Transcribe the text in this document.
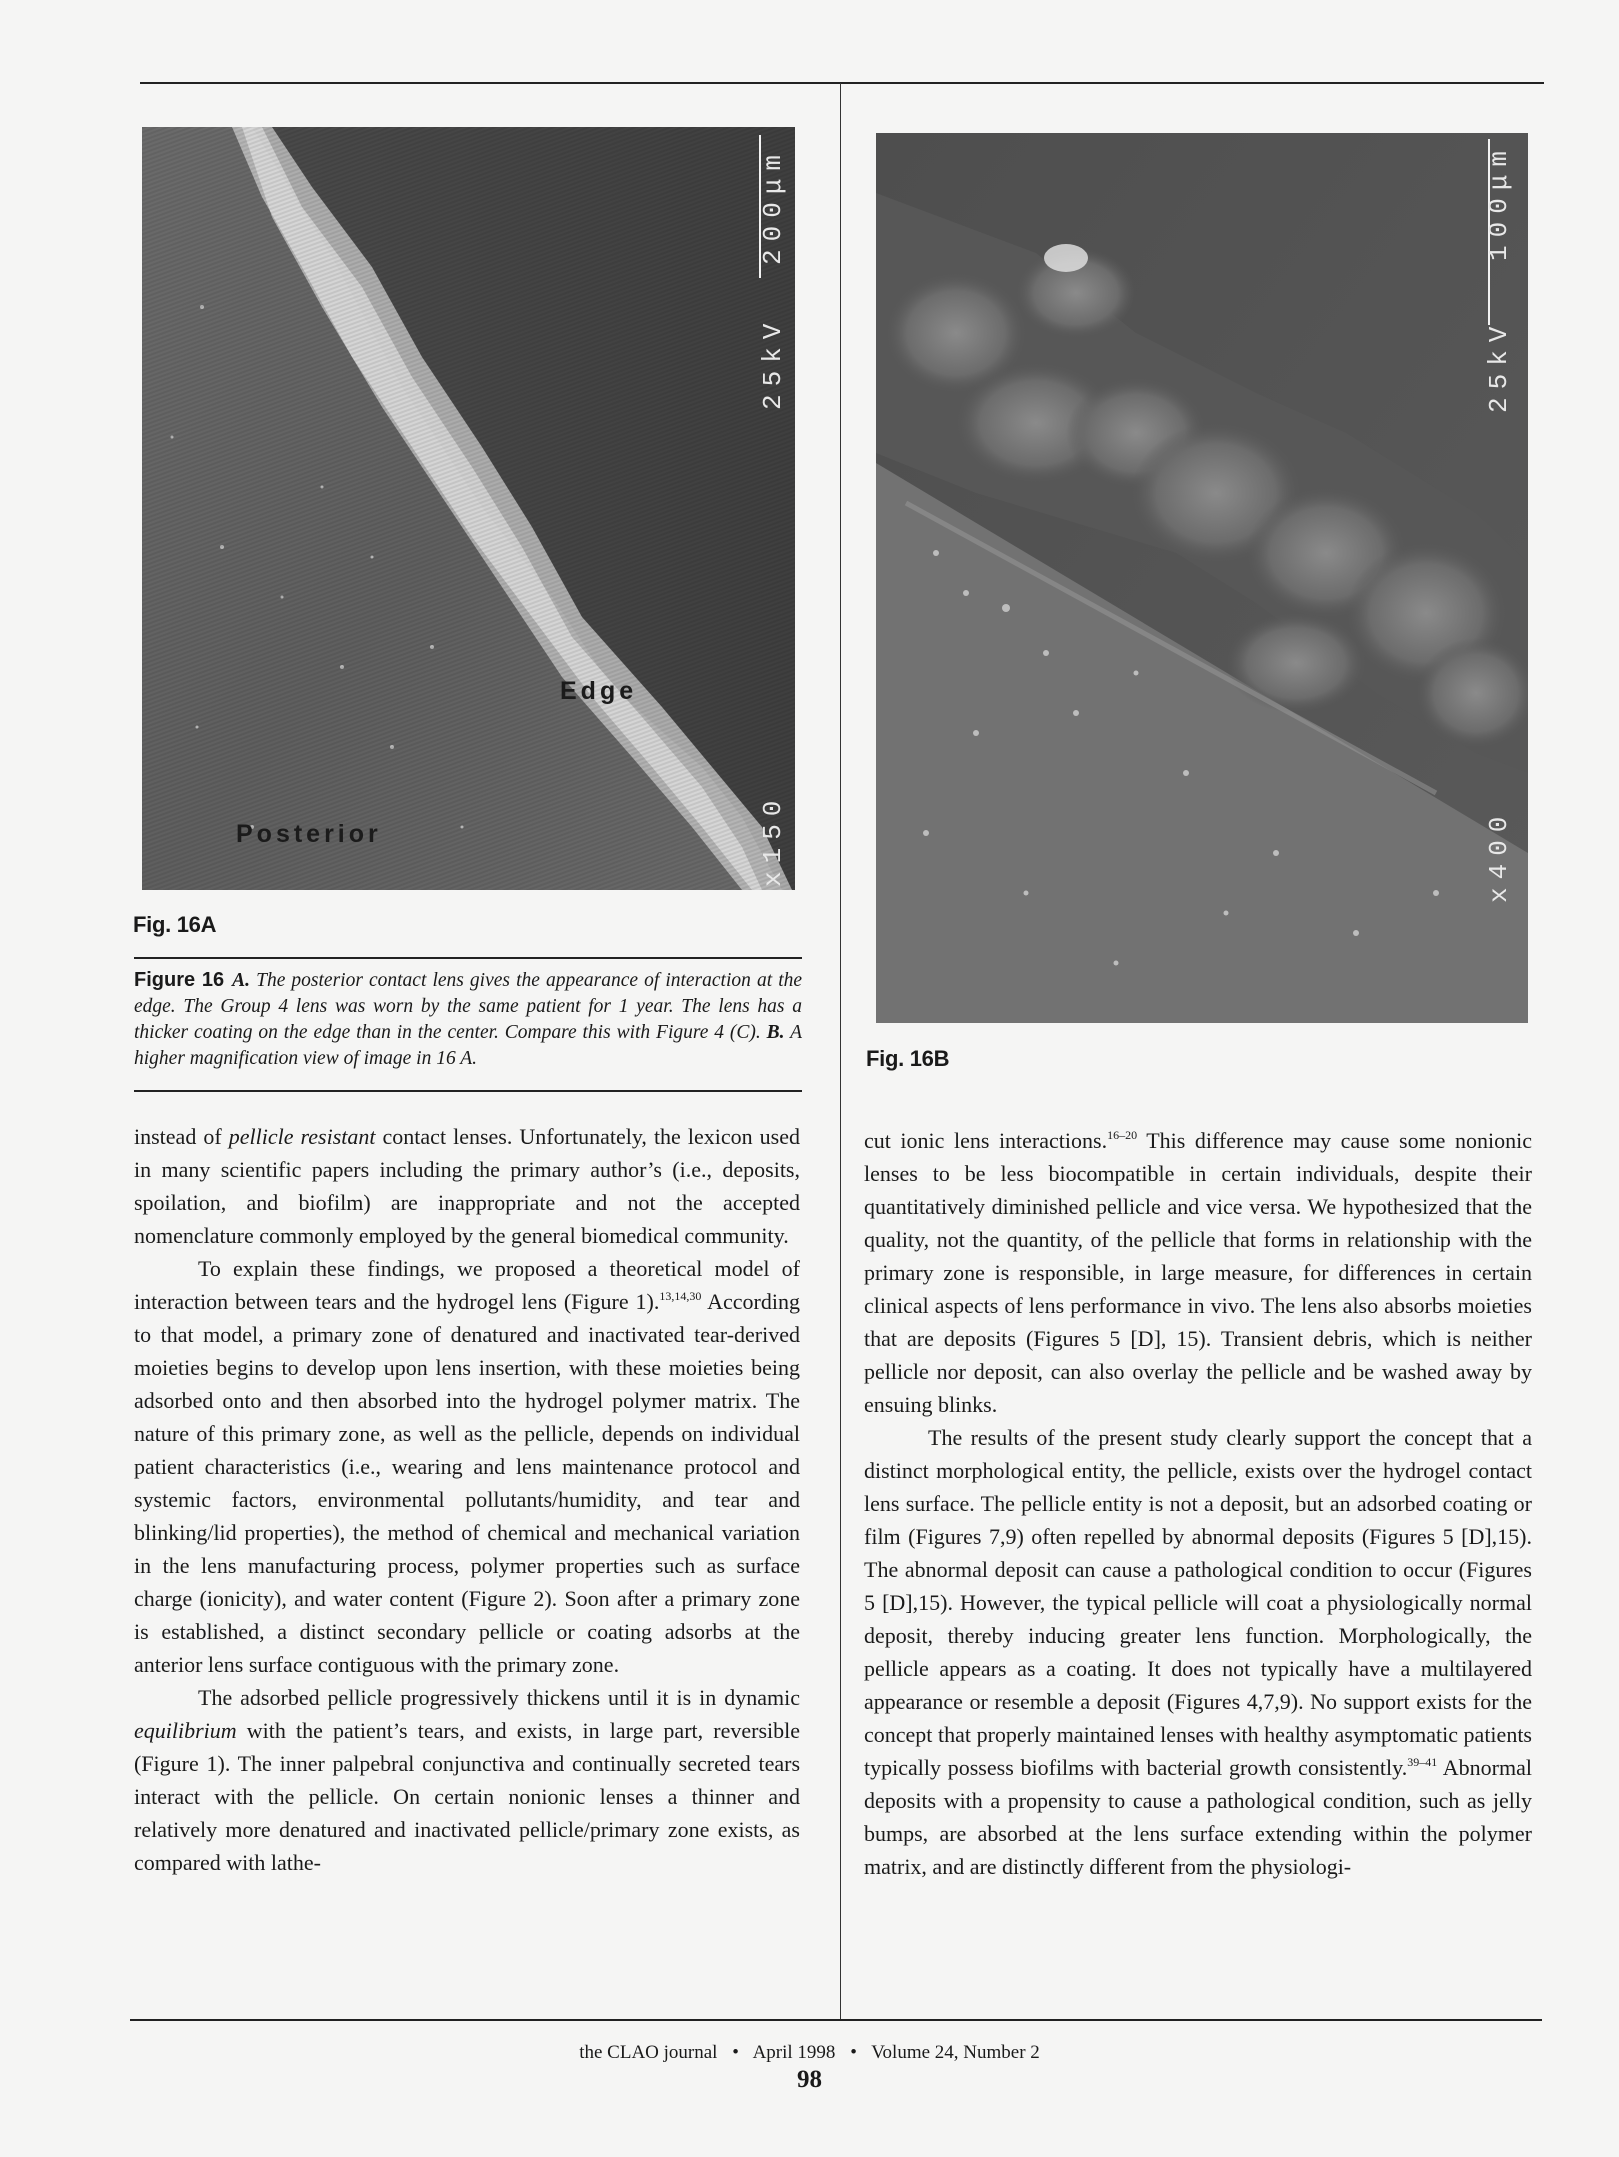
200μm
25kV
x150
Edge
Posterior
Fig. 16A
100μm
25kV
x400
Fig. 16B
Figure 16 A. The posterior contact lens gives the appearance of interaction at the edge. The Group 4 lens was worn by the same patient for 1 year. The lens has a thicker coating on the edge than in the center. Compare this with Figure 4 (C). B. A higher magnification view of image in 16 A.

instead of pellicle resistant contact lenses. Unfortunately, the lexicon used in many scientific papers including the primary author’s (i.e., deposits, spoilation, and biofilm) are inappropriate and not the accepted nomenclature commonly employed by the general biomedical community.

To explain these findings, we proposed a theoretical model of interaction between tears and the hydrogel lens (Figure 1).$^{13,14,30}$ According to that model, a primary zone of denatured and inactivated tear-derived moieties begins to develop upon lens insertion, with these moieties being adsorbed onto and then absorbed into the hydrogel polymer matrix. The nature of this primary zone, as well as the pellicle, depends on individual patient characteristics (i.e., wearing and lens maintenance protocol and systemic factors, environmental pollutants/humidity, and tear and blinking/lid properties), the method of chemical and mechanical variation in the lens manufacturing process, polymer properties such as surface charge (ionicity), and water content (Figure 2). Soon after a primary zone is established, a distinct secondary pellicle or coating adsorbs at the anterior lens surface contiguous with the primary zone.

The adsorbed pellicle progressively thickens until it is in dynamic equilibrium with the patient’s tears, and exists, in large part, reversible (Figure 1). The inner palpebral conjunctiva and continually secreted tears interact with the pellicle. On certain nonionic lenses a thinner and relatively more denatured and inactivated pellicle/primary zone exists, as compared with lathe-

cut ionic lens interactions.$^{16-20}$ This difference may cause some nonionic lenses to be less biocompatible in certain individuals, despite their quantitatively diminished pellicle and vice versa. We hypothesized that the quality, not the quantity, of the pellicle that forms in relationship with the primary zone is responsible, in large measure, for differences in certain clinical aspects of lens performance in vivo. The lens also absorbs moieties that are deposits (Figures 5 [D], 15). Transient debris, which is neither pellicle nor deposit, can also overlay the pellicle and be washed away by ensuing blinks.

The results of the present study clearly support the concept that a distinct morphological entity, the pellicle, exists over the hydrogel contact lens surface. The pellicle entity is not a deposit, but an adsorbed coating or film (Figures 7,9) often repelled by abnormal deposits (Figures 5 [D],15). The abnormal deposit can cause a pathological condition to occur (Figures 5 [D],15). However, the typical pellicle will coat a physiologically normal deposit, thereby inducing greater lens function. Morphologically, the pellicle appears as a coating. It does not typically have a multilayered appearance or resemble a deposit (Figures 4,7,9). No support exists for the concept that properly maintained lenses with healthy asymptomatic patients typically possess biofilms with bacterial growth consistently.$^{39-41}$ Abnormal deposits with a propensity to cause a pathological condition, such as jelly bumps, are absorbed at the lens surface extending within the polymer matrix, and are distinctly different from the physiologi-

the CLAO journal • April 1998 • Volume 24, Number 2
98
